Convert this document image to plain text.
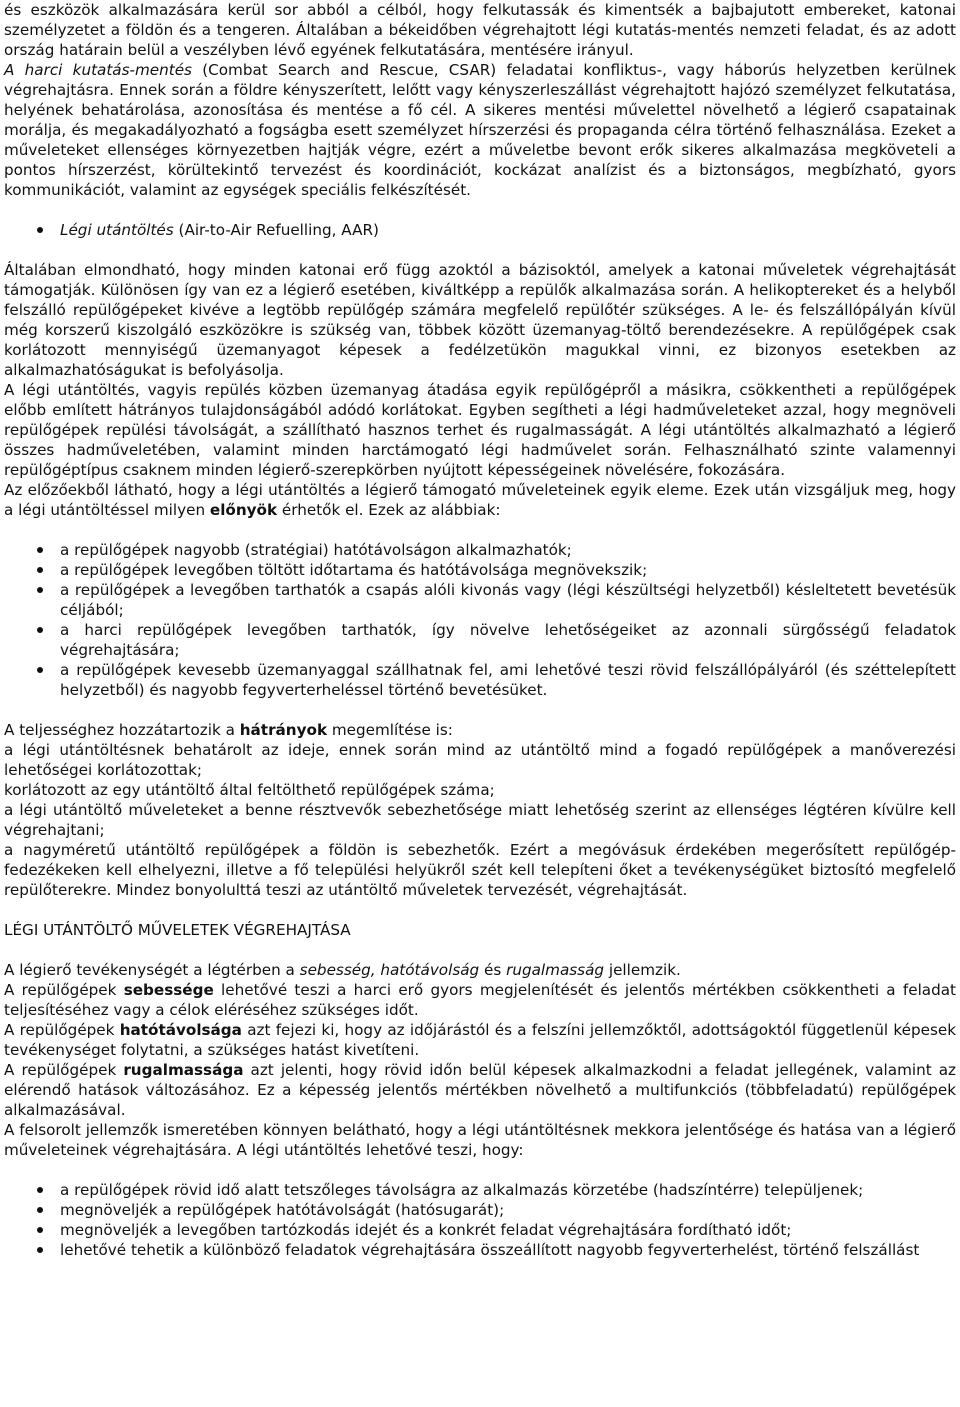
és eszközök alkalmazására kerül sor abból a célból, hogy felkutassák és kimentsék a bajbajutott embereket, katonai személyzetet a földön és a tengeren. Általában a békeidőben végrehajtott légi kutatás-mentés nemzeti feladat, és az adott ország határain belül a veszélyben lévő egyének felkutatására, mentésére irányul.

A harci kutatás-mentés (Combat Search and Rescue, CSAR) feladatai konfliktus-, vagy háborús helyzetben kerülnek végrehajtásra. Ennek során a földre kényszerített, lelőtt vagy kényszerleszállást végrehajtott hajózó személyzet felkutatása, helyének behatárolása, azonosítása és mentése a fő cél. A sikeres mentési művelettel növelhető a légierő csapatainak morálja, és megakadályozható a fogságba esett személyzet hírszerzési és propaganda célra történő felhasználása. Ezeket a műveleteket ellenséges környezetben hajtják végre, ezért a műveletbe bevont erők sikeres alkalmazása megköveteli a pontos hírszerzést, körültekintő tervezést és koordinációt, kockázat analízist és a biztonságos, megbízható, gyors kommunikációt, valamint az egységek speciális felkészítését.

Légi utántöltés (Air-to-Air Refuelling, AAR)

Általában elmondható, hogy minden katonai erő függ azoktól a bázisoktól, amelyek a katonai műveletek végrehajtását támogatják. Különösen így van ez a légierő esetében, kiváltképp a repülők alkalmazása során. A helikoptereket és a helyből felszálló repülőgépeket kivéve a legtöbb repülőgép számára megfelelő repülőtér szükséges. A le- és felszállópályán kívül még korszerű kiszolgáló eszközökre is szükség van, többek között üzemanyag-töltő berendezésekre. A repülőgépek csak korlátozott mennyiségű üzemanyagot képesek a fedélzetükön magukkal vinni, ez bizonyos esetekben az alkalmazhatóságukat is befolyásolja.

A légi utántöltés, vagyis repülés közben üzemanyag átadása egyik repülőgépről a másikra, csökkentheti a repülőgépek előbb említett hátrányos tulajdonságából adódó korlátokat. Egyben segítheti a légi hadműveleteket azzal, hogy megnöveli repülőgépek repülési távolságát, a szállítható hasznos terhet és rugalmasságát. A légi utántöltés alkalmazható a légierő összes hadműveletében, valamint minden harctámogató légi hadművelet során. Felhasználható szinte valamennyi repülőgéptípus csaknem minden légierő-szerepkörben nyújtott képességeinek növelésére, fokozására.

Az előzőekből látható, hogy a légi utántöltés a légierő támogató műveleteinek egyik eleme. Ezek után vizsgáljuk meg, hogy a légi utántöltéssel milyen előnyök érhetők el. Ezek az alábbiak:

a repülőgépek nagyobb (stratégiai) hatótávolságon alkalmazhatók;
a repülőgépek levegőben töltött időtartama és hatótávolsága megnövekszik;
a repülőgépek a levegőben tarthatók a csapás alóli kivonás vagy (légi készültségi helyzetből) késleltetett bevetésük céljából;
a harci repülőgépek levegőben tarthatók, így növelve lehetőségeiket az azonnali sürgősségű feladatok végrehajtására;
a repülőgépek kevesebb üzemanyaggal szállhatnak fel, ami lehetővé teszi rövid felszállópályáról (és széttelepített helyzetből) és nagyobb fegyverterheléssel történő bevetésüket.

A teljességhez hozzátartozik a hátrányok megemlítése is:

a légi utántöltésnek behatárolt az ideje, ennek során mind az utántöltő mind a fogadó repülőgépek a manőverezési lehetőségei korlátozottak;

korlátozott az egy utántöltő által feltölthető repülőgépek száma;

a légi utántöltő műveleteket a benne résztvevők sebezhetősége miatt lehetőség szerint az ellenséges légtéren kívülre kell végrehajtani;

a nagyméretű utántöltő repülőgépek a földön is sebezhetők. Ezért a megóvásuk érdekében megerősített repülőgép-fedezékeken kell elhelyezni, illetve a fő települési helyükről szét kell telepíteni őket a tevékenységüket biztosító megfelelő repülőterekre. Mindez bonyolulttá teszi az utántöltő műveletek tervezését, végrehajtását.

LÉGI UTÁNTÖLTŐ MŰVELETEK VÉGREHAJTÁSA

A légierő tevékenységét a légtérben a sebesség, hatótávolság és rugalmasság jellemzik.

A repülőgépek sebessége lehetővé teszi a harci erő gyors megjelenítését és jelentős mértékben csökkentheti a feladat teljesítéséhez vagy a célok eléréséhez szükséges időt.

A repülőgépek hatótávolsága azt fejezi ki, hogy az időjárástól és a felszíni jellemzőktől, adottságoktól függetlenül képesek tevékenységet folytatni, a szükséges hatást kivetíteni.

A repülőgépek rugalmassága azt jelenti, hogy rövid időn belül képesek alkalmazkodni a feladat jellegének, valamint az elérendő hatások változásához. Ez a képesség jelentős mértékben növelhető a multifunkciós (többfeladatú) repülőgépek alkalmazásával.

A felsorolt jellemzők ismeretében könnyen belátható, hogy a légi utántöltésnek mekkora jelentősége és hatása van a légierő műveleteinek végrehajtására. A légi utántöltés lehetővé teszi, hogy:

a repülőgépek rövid idő alatt tetszőleges távolságra az alkalmazás körzetébe (hadszíntérre) települjenek;
megnöveljék a repülőgépek hatótávolságát (hatósugarát);
megnöveljék a levegőben tartózkodás idejét és a konkrét feladat végrehajtására fordítható időt;
lehetővé tehetik a különböző feladatok végrehajtására összeállított nagyobb fegyverterhelést, történő felszállást
